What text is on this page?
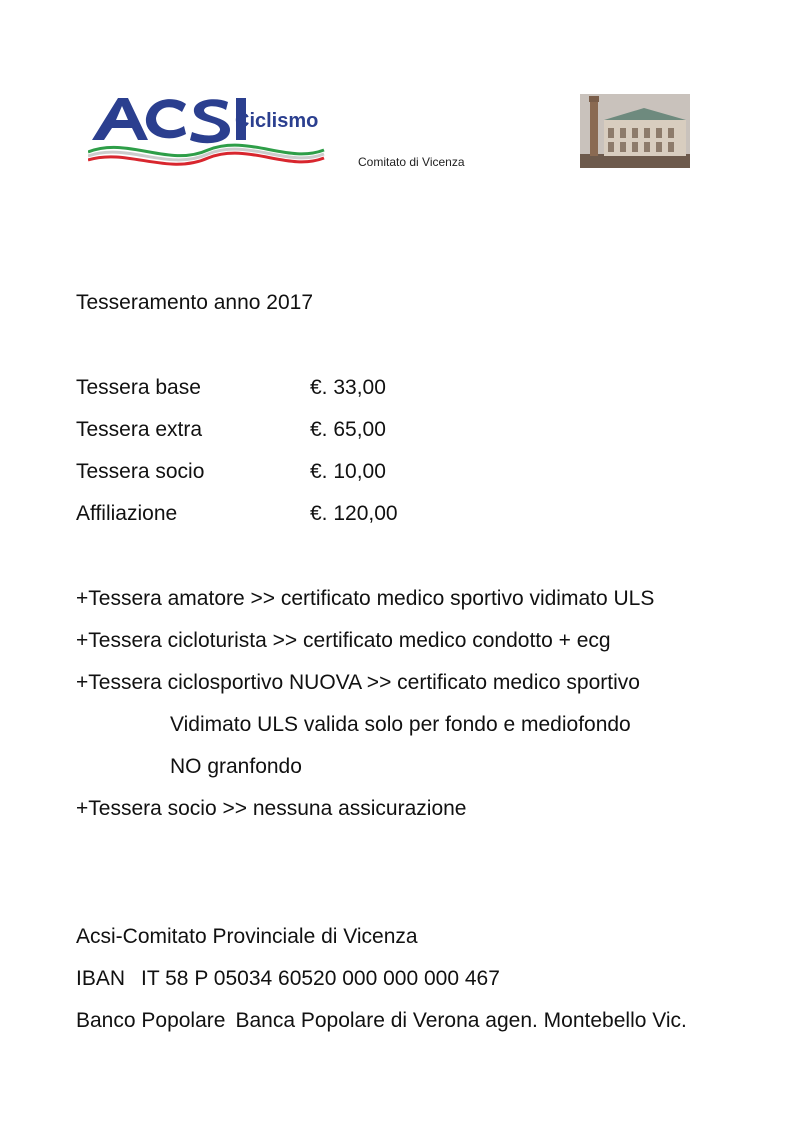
Ciclismo
Comitato di Vicenza
Tesseramento anno 2017
Tessera base	€. 33,00
Tessera extra	€. 65,00
Tessera socio	€. 10,00
Affiliazione	€. 120,00
+Tessera amatore >> certificato medico sportivo vidimato ULS
+Tessera cicloturista >> certificato medico condotto + ecg
+Tessera ciclosportivo NUOVA >> certificato medico sportivo
Vidimato ULS valida solo per fondo e mediofondo
NO granfondo
+Tessera socio >> nessuna assicurazione
Acsi-Comitato Provinciale di Vicenza
IBAN IT 58 P 05034 60520 000 000 000 467
Banco Popolare Banca Popolare di Verona agen. Montebello Vic.
